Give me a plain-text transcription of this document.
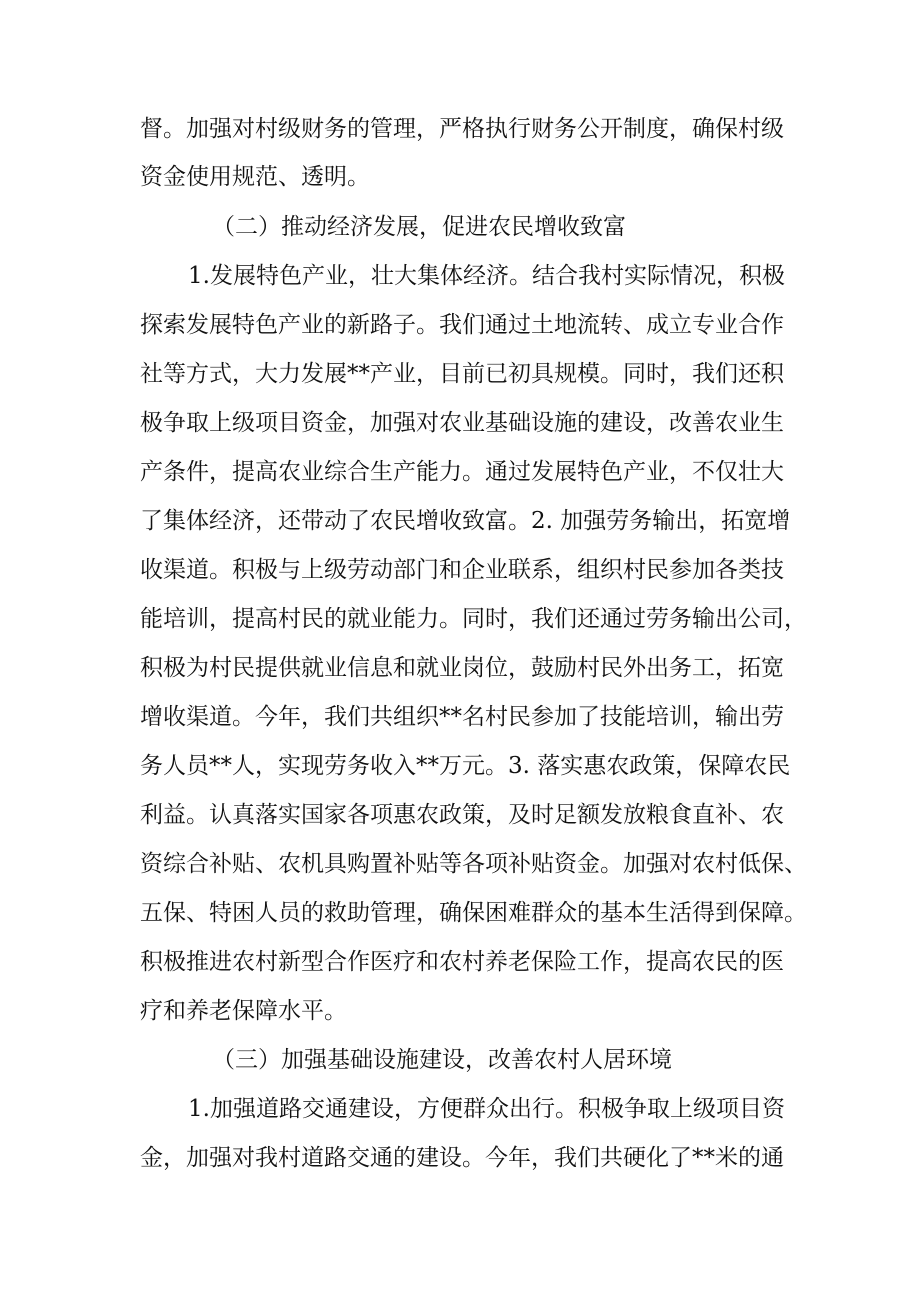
督。加强对村级财务的管理，严格执行财务公开制度，确保村级
资金使用规范、透明。
（二）推动经济发展，促进农民增收致富
1.发展特色产业，壮大集体经济。结合我村实际情况，积极
探索发展特色产业的新路子。我们通过土地流转、成立专业合作
社等方式，大力发展**产业，目前已初具规模。同时，我们还积
极争取上级项目资金，加强对农业基础设施的建设，改善农业生
产条件，提高农业综合生产能力。通过发展特色产业，不仅壮大
了集体经济，还带动了农民增收致富。2. 加强劳务输出，拓宽增
收渠道。积极与上级劳动部门和企业联系，组织村民参加各类技
能培训，提高村民的就业能力。同时，我们还通过劳务输出公司，
积极为村民提供就业信息和就业岗位，鼓励村民外出务工，拓宽
增收渠道。今年，我们共组织**名村民参加了技能培训，输出劳
务人员**人，实现劳务收入**万元。3. 落实惠农政策，保障农民
利益。认真落实国家各项惠农政策，及时足额发放粮食直补、农
资综合补贴、农机具购置补贴等各项补贴资金。加强对农村低保、
五保、特困人员的救助管理，确保困难群众的基本生活得到保障。
积极推进农村新型合作医疗和农村养老保险工作，提高农民的医
疗和养老保障水平。
（三）加强基础设施建设，改善农村人居环境
1.加强道路交通建设，方便群众出行。积极争取上级项目资
金，加强对我村道路交通的建设。今年，我们共硬化了**米的通
